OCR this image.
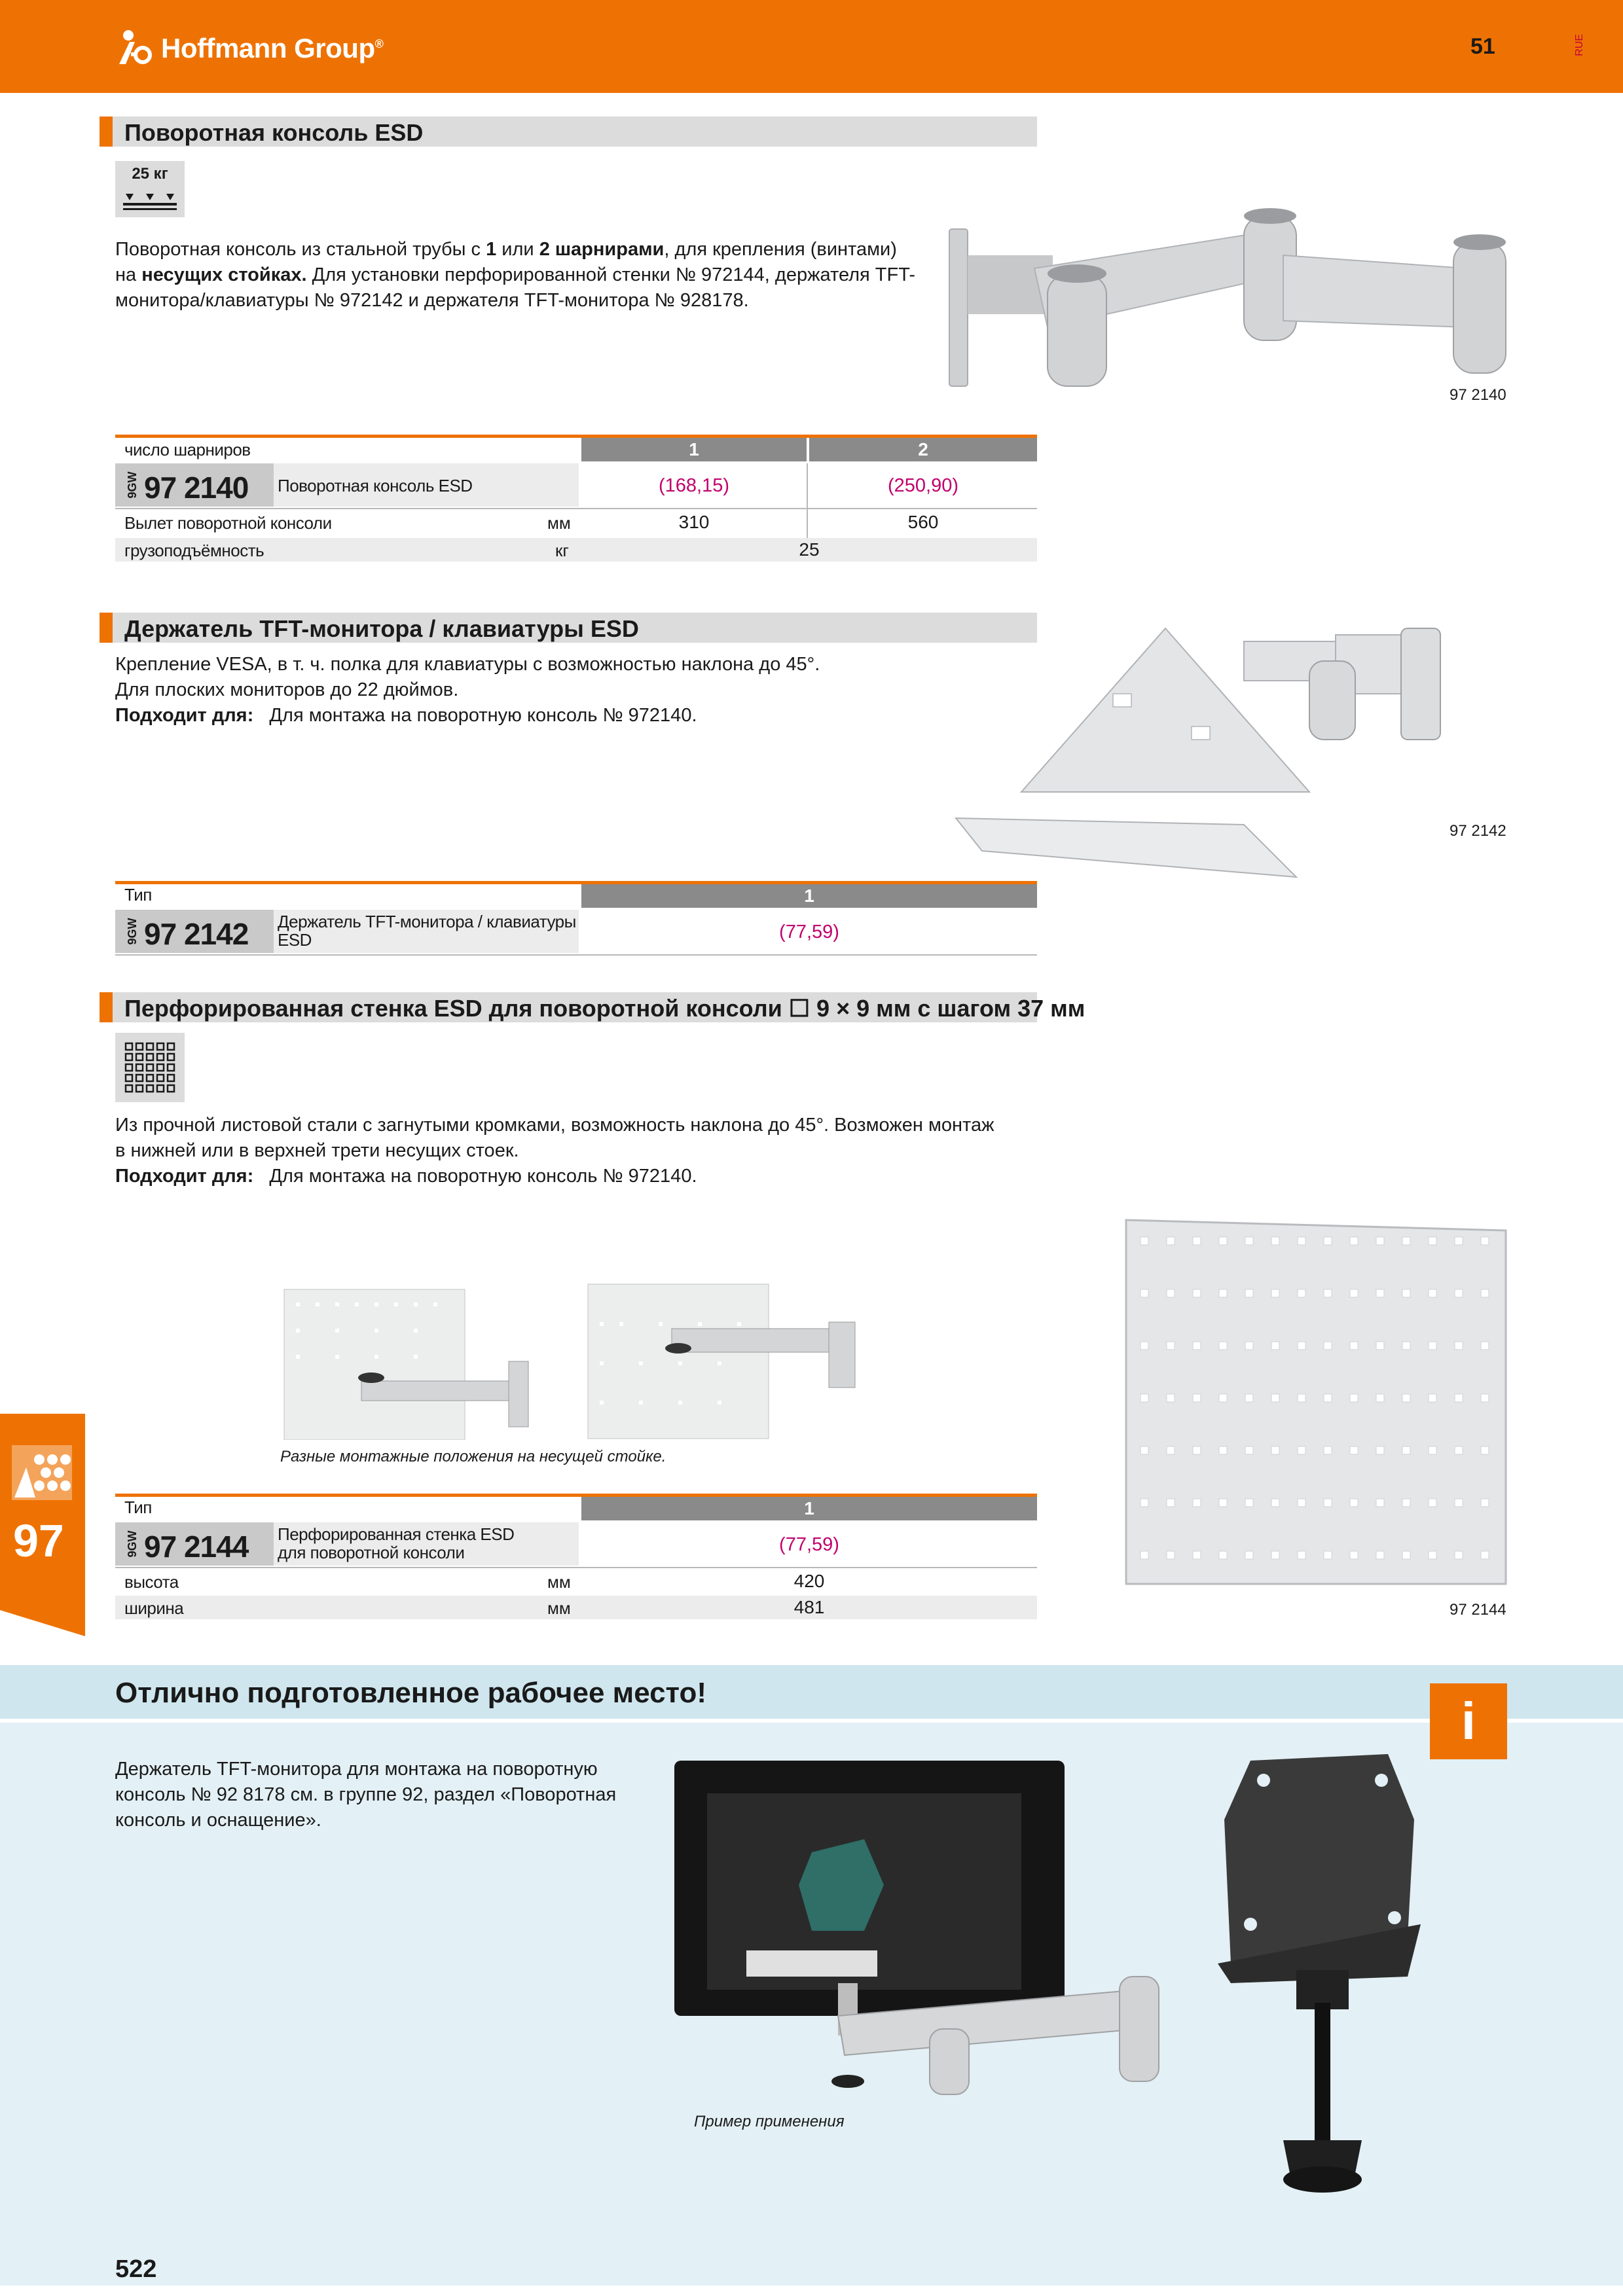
Hoffmann Group®	51	RUE
Поворотная консоль ESD
25 кг
Поворотная консоль из стальной трубы с 1 или 2 шарнирами, для крепления (винтами)
на несущих стойках. Для установки перфорированной стенки № 972144, держателя TFT-
монитора/клавиатуры № 972142 и держателя TFT-монитора № 928178.
97 2140
число шарниров	1	2
9GW 97 2140 Поворотная консоль ESD	(168,15)	(250,90)
Вылет поворотной консоли	мм	310	560
грузоподъёмность	кг	25
Держатель TFT-монитора / клавиатуры ESD
Крепление VESA, в т. ч. полка для клавиатуры с возможностью наклона до 45°.
Для плоских мониторов до 22 дюймов.
Подходит для: Для монтажа на поворотную консоль № 972140.
97 2142
Тип	1
9GW 97 2142 Держатель TFT-монитора / клавиатуры
ESD	(77,59)
Перфорированная стенка ESD для поворотной консоли ☐ 9 × 9 мм с шагом 37 мм
Из прочной листовой стали с загнутыми кромками, возможность наклона до 45°. Возможен монтаж
в нижней или в верхней трети несущих стоек.
Подходит для: Для монтажа на поворотную консоль № 972140.
Разные монтажные положения на несущей стойке.
97 2144
Тип	1
9GW 97 2144 Перфорированная стенка ESD
для поворотной консоли	(77,59)
высота	мм	420
ширина	мм	481
97
Отлично подготовленное рабочее место!	i
Держатель TFT-монитора для монтажа на поворотную
консоль № 92 8178 см. в группе 92, раздел «Поворотная
консоль и оснащение».
Пример применения
522
